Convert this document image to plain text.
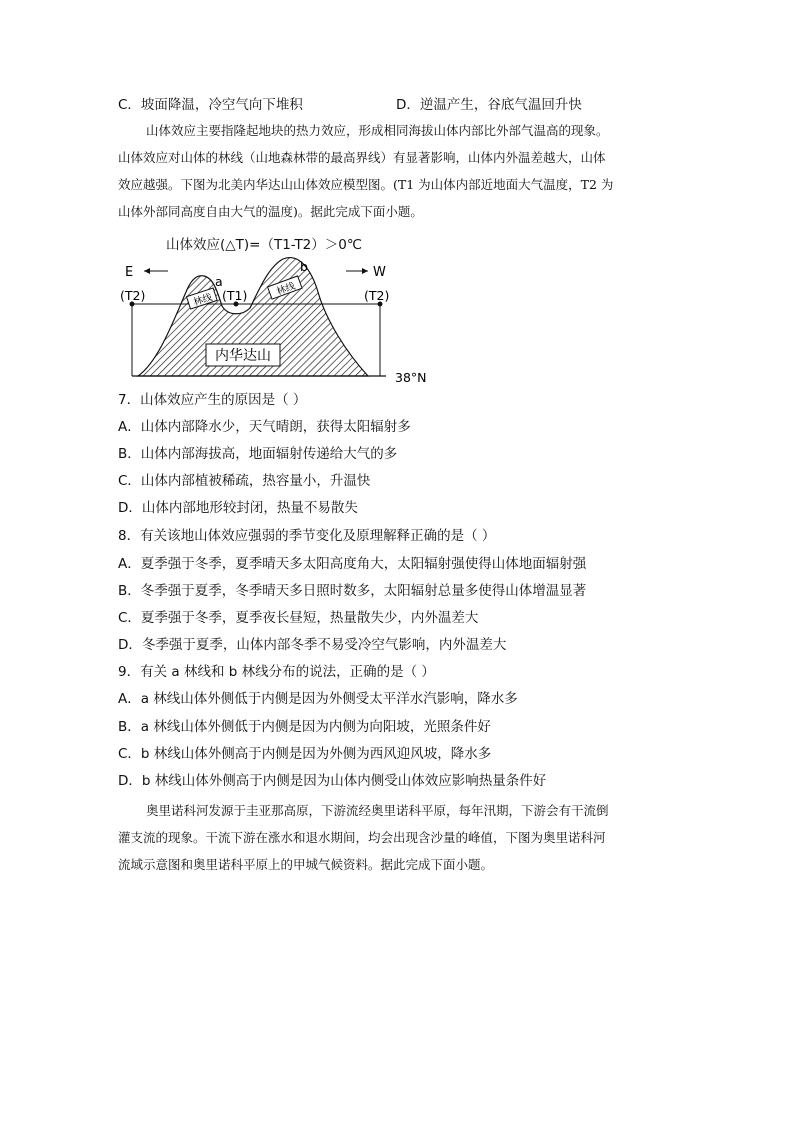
C．坡面降温，冷空气向下堆积	D．逆温产生，谷底气温回升快
山体效应主要指隆起地块的热力效应，形成相同海拔山体内部比外部气温高的现象。
山体效应对山体的林线（山地森林带的最高界线）有显著影响，山体内外温差越大，山体
效应越强。下图为北美内华达山山体效应模型图。(T1 为山体内部近地面大气温度，T2 为
山体外部同高度自由大气的温度)。据此完成下面小题。
山体效应(△T)=（T1-T2）＞0℃
E	W
(T2)	(T1)	(T2)
a
b
林线
林线
内华达山
38°N
7．山体效应产生的原因是（ ）
A．山体内部降水少，天气晴朗，获得太阳辐射多
B．山体内部海拔高，地面辐射传递给大气的多
C．山体内部植被稀疏，热容量小，升温快
D．山体内部地形较封闭，热量不易散失
8．有关该地山体效应强弱的季节变化及原理解释正确的是（ ）
A．夏季强于冬季，夏季晴天多太阳高度角大，太阳辐射强使得山体地面辐射强
B．冬季强于夏季，冬季晴天多日照时数多，太阳辐射总量多使得山体增温显著
C．夏季强于冬季，夏季夜长昼短，热量散失少，内外温差大
D．冬季强于夏季，山体内部冬季不易受冷空气影响，内外温差大
9．有关 a 林线和 b 林线分布的说法，正确的是（ ）
A．a 林线山体外侧低于内侧是因为外侧受太平洋水汽影响，降水多
B．a 林线山体外侧低于内侧是因为内侧为向阳坡，光照条件好
C．b 林线山体外侧高于内侧是因为外侧为西风迎风坡，降水多
D．b 林线山体外侧高于内侧是因为山体内侧受山体效应影响热量条件好
奥里诺科河发源于圭亚那高原，下游流经奥里诺科平原，每年汛期，下游会有干流倒
灌支流的现象。干流下游在涨水和退水期间，均会出现含沙量的峰值，下图为奥里诺科河
流域示意图和奥里诺科平原上的甲城气候资料。据此完成下面小题。
